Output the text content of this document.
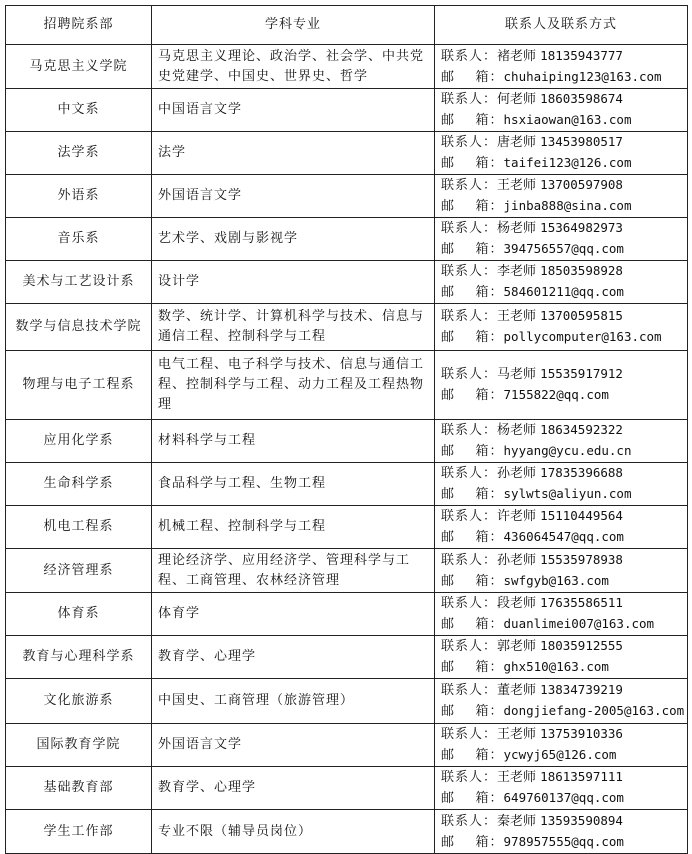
招聘院系部	学科专业	联系人及联系方式
马克思主义学院	马克思主义理论、政治学、社会学、中共党史党建学、中国史、世界史、哲学	联系人：褚老师 18135943777
邮    箱：chuhaiping123@163.com

中文系	中国语言文学	联系人：何老师 18603598674
邮    箱：hsxiaowan@163.com

法学系	法学	联系人：唐老师 13453980517
邮    箱：taifei123@126.com

外语系	外国语言文学	联系人：王老师 13700597908
邮    箱：jinba888@sina.com

音乐系	艺术学、戏剧与影视学	联系人：杨老师 15364982973
邮    箱：394756557@qq.com

美术与工艺设计系	设计学	联系人：李老师 18503598928
邮    箱：584601211@qq.com

数学与信息技术学院	数学、统计学、计算机科学与技术、信息与通信工程、控制科学与工程	联系人：王老师 13700595815
邮    箱：pollycomputer@163.com

物理与电子工程系	电气工程、电子科学与技术、信息与通信工程、控制科学与工程、动力工程及工程热物理	联系人：马老师 15535917912
邮    箱：7155822@qq.com

应用化学系	材料科学与工程	联系人：杨老师 18634592322
邮    箱：hyyang@ycu.edu.cn

生命科学系	食品科学与工程、生物工程	联系人：孙老师 17835396688
邮    箱：sylwts@aliyun.com

机电工程系	机械工程、控制科学与工程	联系人：许老师 15110449564
邮    箱：436064547@qq.com

经济管理系	理论经济学、应用经济学、管理科学与工程、工商管理、农林经济管理	联系人：孙老师 15535978938
邮    箱：swfgyb@163.com

体育系	体育学	联系人：段老师 17635586511
邮    箱：duanlimei007@163.com

教育与心理科学系	教育学、心理学	联系人：郭老师 18035912555
邮    箱：ghx510@163.com

文化旅游系	中国史、工商管理（旅游管理）	联系人：董老师 13834739219
邮    箱：dongjiefang-2005@163.com

国际教育学院	外国语言文学	联系人：王老师 13753910336
邮    箱：ycwyj65@126.com

基础教育部	教育学、心理学	联系人：王老师 18613597111
邮    箱：649760137@qq.com

学生工作部	专业不限（辅导员岗位）	联系人：秦老师 13593590894
邮    箱：978957555@qq.com
